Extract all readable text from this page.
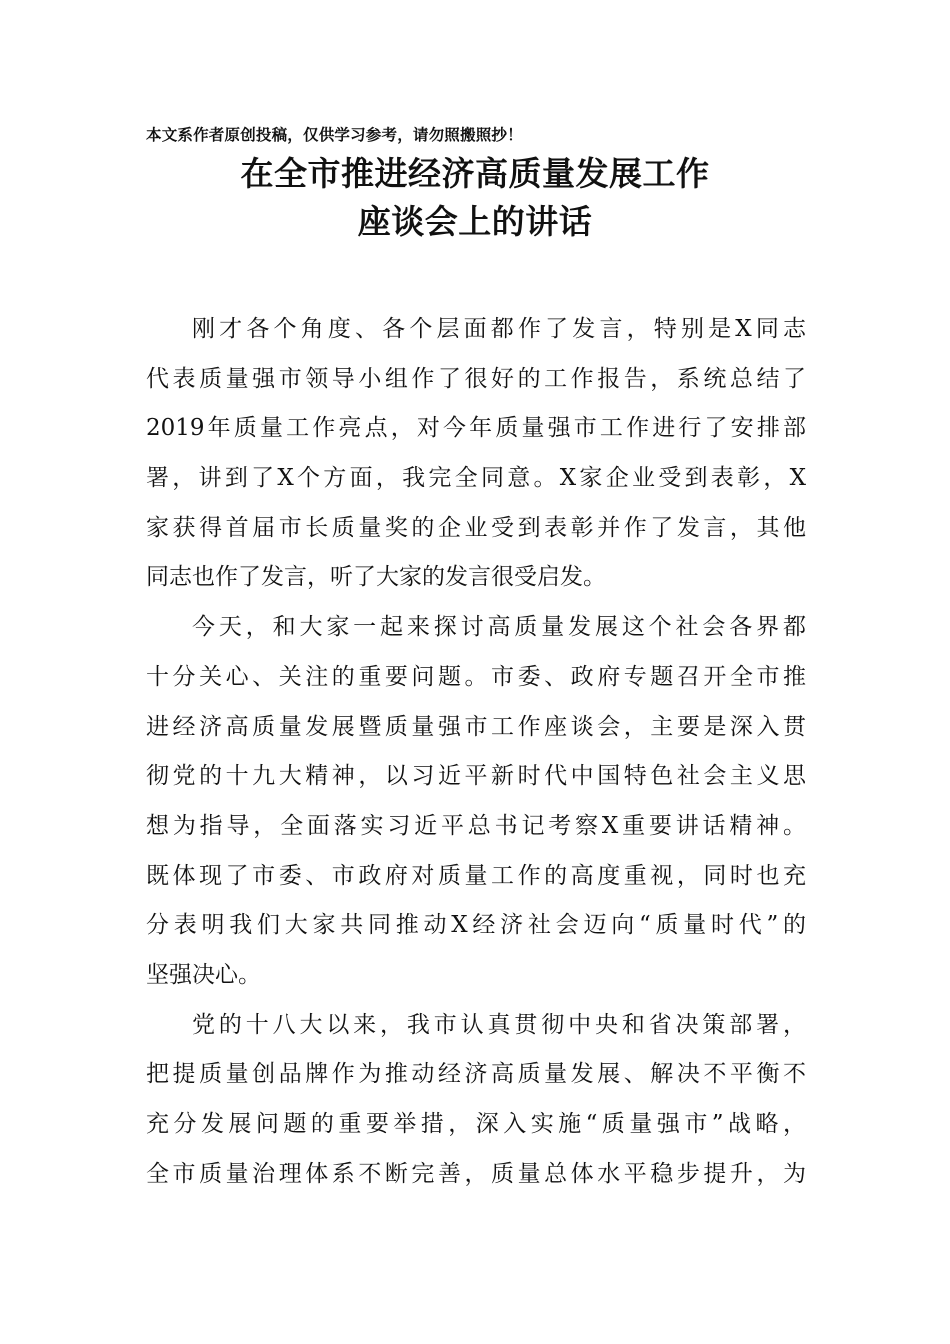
本文系作者原创投稿，仅供学习参考，请勿照搬照抄！
在全市推进经济高质量发展工作
座谈会上的讲话
刚才各个角度、各个层面都作了发言，特别是X同志
代表质量强市领导小组作了很好的工作报告，系统总结了
2019年质量工作亮点，对今年质量强市工作进行了安排部
署，讲到了X个方面，我完全同意。X家企业受到表彰，X
家获得首届市长质量奖的企业受到表彰并作了发言，其他
同志也作了发言，听了大家的发言很受启发。
今天，和大家一起来探讨高质量发展这个社会各界都
十分关心、关注的重要问题。市委、政府专题召开全市推
进经济高质量发展暨质量强市工作座谈会，主要是深入贯
彻党的十九大精神，以习近平新时代中国特色社会主义思
想为指导，全面落实习近平总书记考察X重要讲话精神。
既体现了市委、市政府对质量工作的高度重视，同时也充
分表明我们大家共同推动X经济社会迈向“质量时代”的
坚强决心。
党的十八大以来，我市认真贯彻中央和省决策部署，
把提质量创品牌作为推动经济高质量发展、解决不平衡不
充分发展问题的重要举措，深入实施“质量强市”战略，
全市质量治理体系不断完善，质量总体水平稳步提升，为
